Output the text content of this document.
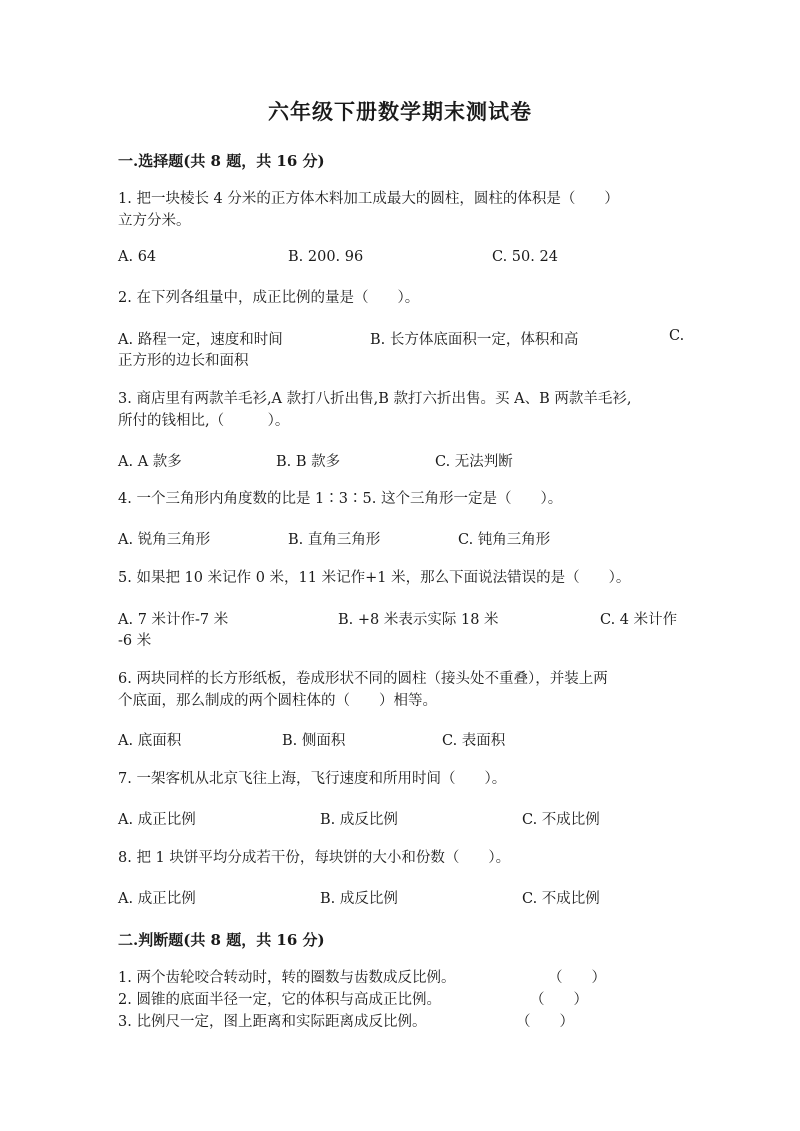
六年级下册数学期末测试卷
一.选择题(共 8 题，共 16 分)
1. 把一块棱长 4 分米的正方体木料加工成最大的圆柱，圆柱的体积是（　　）
立方分米。
A. 64	B. 200. 96	C. 50. 24
2. 在下列各组量中，成正比例的量是（　　）。
A. 路程一定，速度和时间	B. 长方体底面积一定，体积和高	C.
正方形的边长和面积
3. 商店里有两款羊毛衫,A 款打八折出售,B 款打六折出售。买 A、B 两款羊毛衫,
所付的钱相比,（　　　）。
A. A 款多	B. B 款多	C. 无法判断
4. 一个三角形内角度数的比是 1∶3∶5. 这个三角形一定是（　　）。
A. 锐角三角形	B. 直角三角形	C. 钝角三角形
5. 如果把 10 米记作 0 米，11 米记作+1 米，那么下面说法错误的是（　　）。
A. 7 米计作-7 米	B. +8 米表示实际 18 米	C. 4 米计作
-6 米
6. 两块同样的长方形纸板，卷成形状不同的圆柱（接头处不重叠），并装上两
个底面，那么制成的两个圆柱体的（　　）相等。
A. 底面积	B. 侧面积	C. 表面积
7. 一架客机从北京飞往上海，飞行速度和所用时间（　　）。
A. 成正比例	B. 成反比例	C. 不成比例
8. 把 1 块饼平均分成若干份，每块饼的大小和份数（　　）。
A. 成正比例	B. 成反比例	C. 不成比例
二.判断题(共 8 题，共 16 分)
1. 两个齿轮咬合转动时，转的圈数与齿数成反比例。	（　　）
2. 圆锥的底面半径一定，它的体积与高成正比例。	（　　）
3. 比例尺一定，图上距离和实际距离成反比例。	（　　）
